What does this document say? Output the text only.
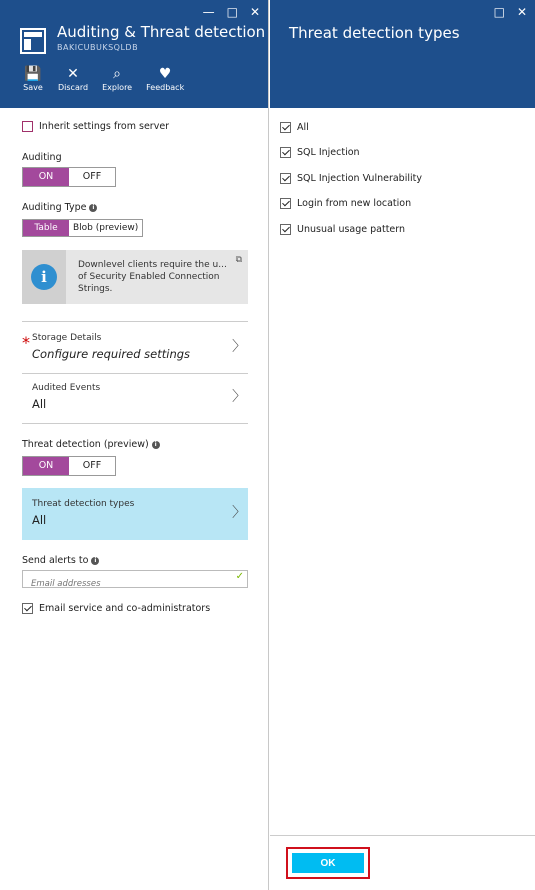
— □ ✕
Auditing & Threat detection
BAKICUBUKSQLDB
💾
Save
✕
Discard
⌕
Explore
♥
Feedback
Inherit settings from server
Auditing
ON	OFF
Auditing Type i
Table	Blob (preview)
i
Downlevel clients require the u... of Security Enabled Connection Strings.
⧉
* Storage Details
Configure required settings	〉
Audited Events
All	〉
Threat detection (preview) i
ON	OFF
Threat detection types
All	〉
Send alerts to i
Email addresses
✓
Email service and co-administrators
□ ✕
Threat detection types
All
SQL Injection
SQL Injection Vulnerability
Login from new location
Unusual usage pattern
OK
